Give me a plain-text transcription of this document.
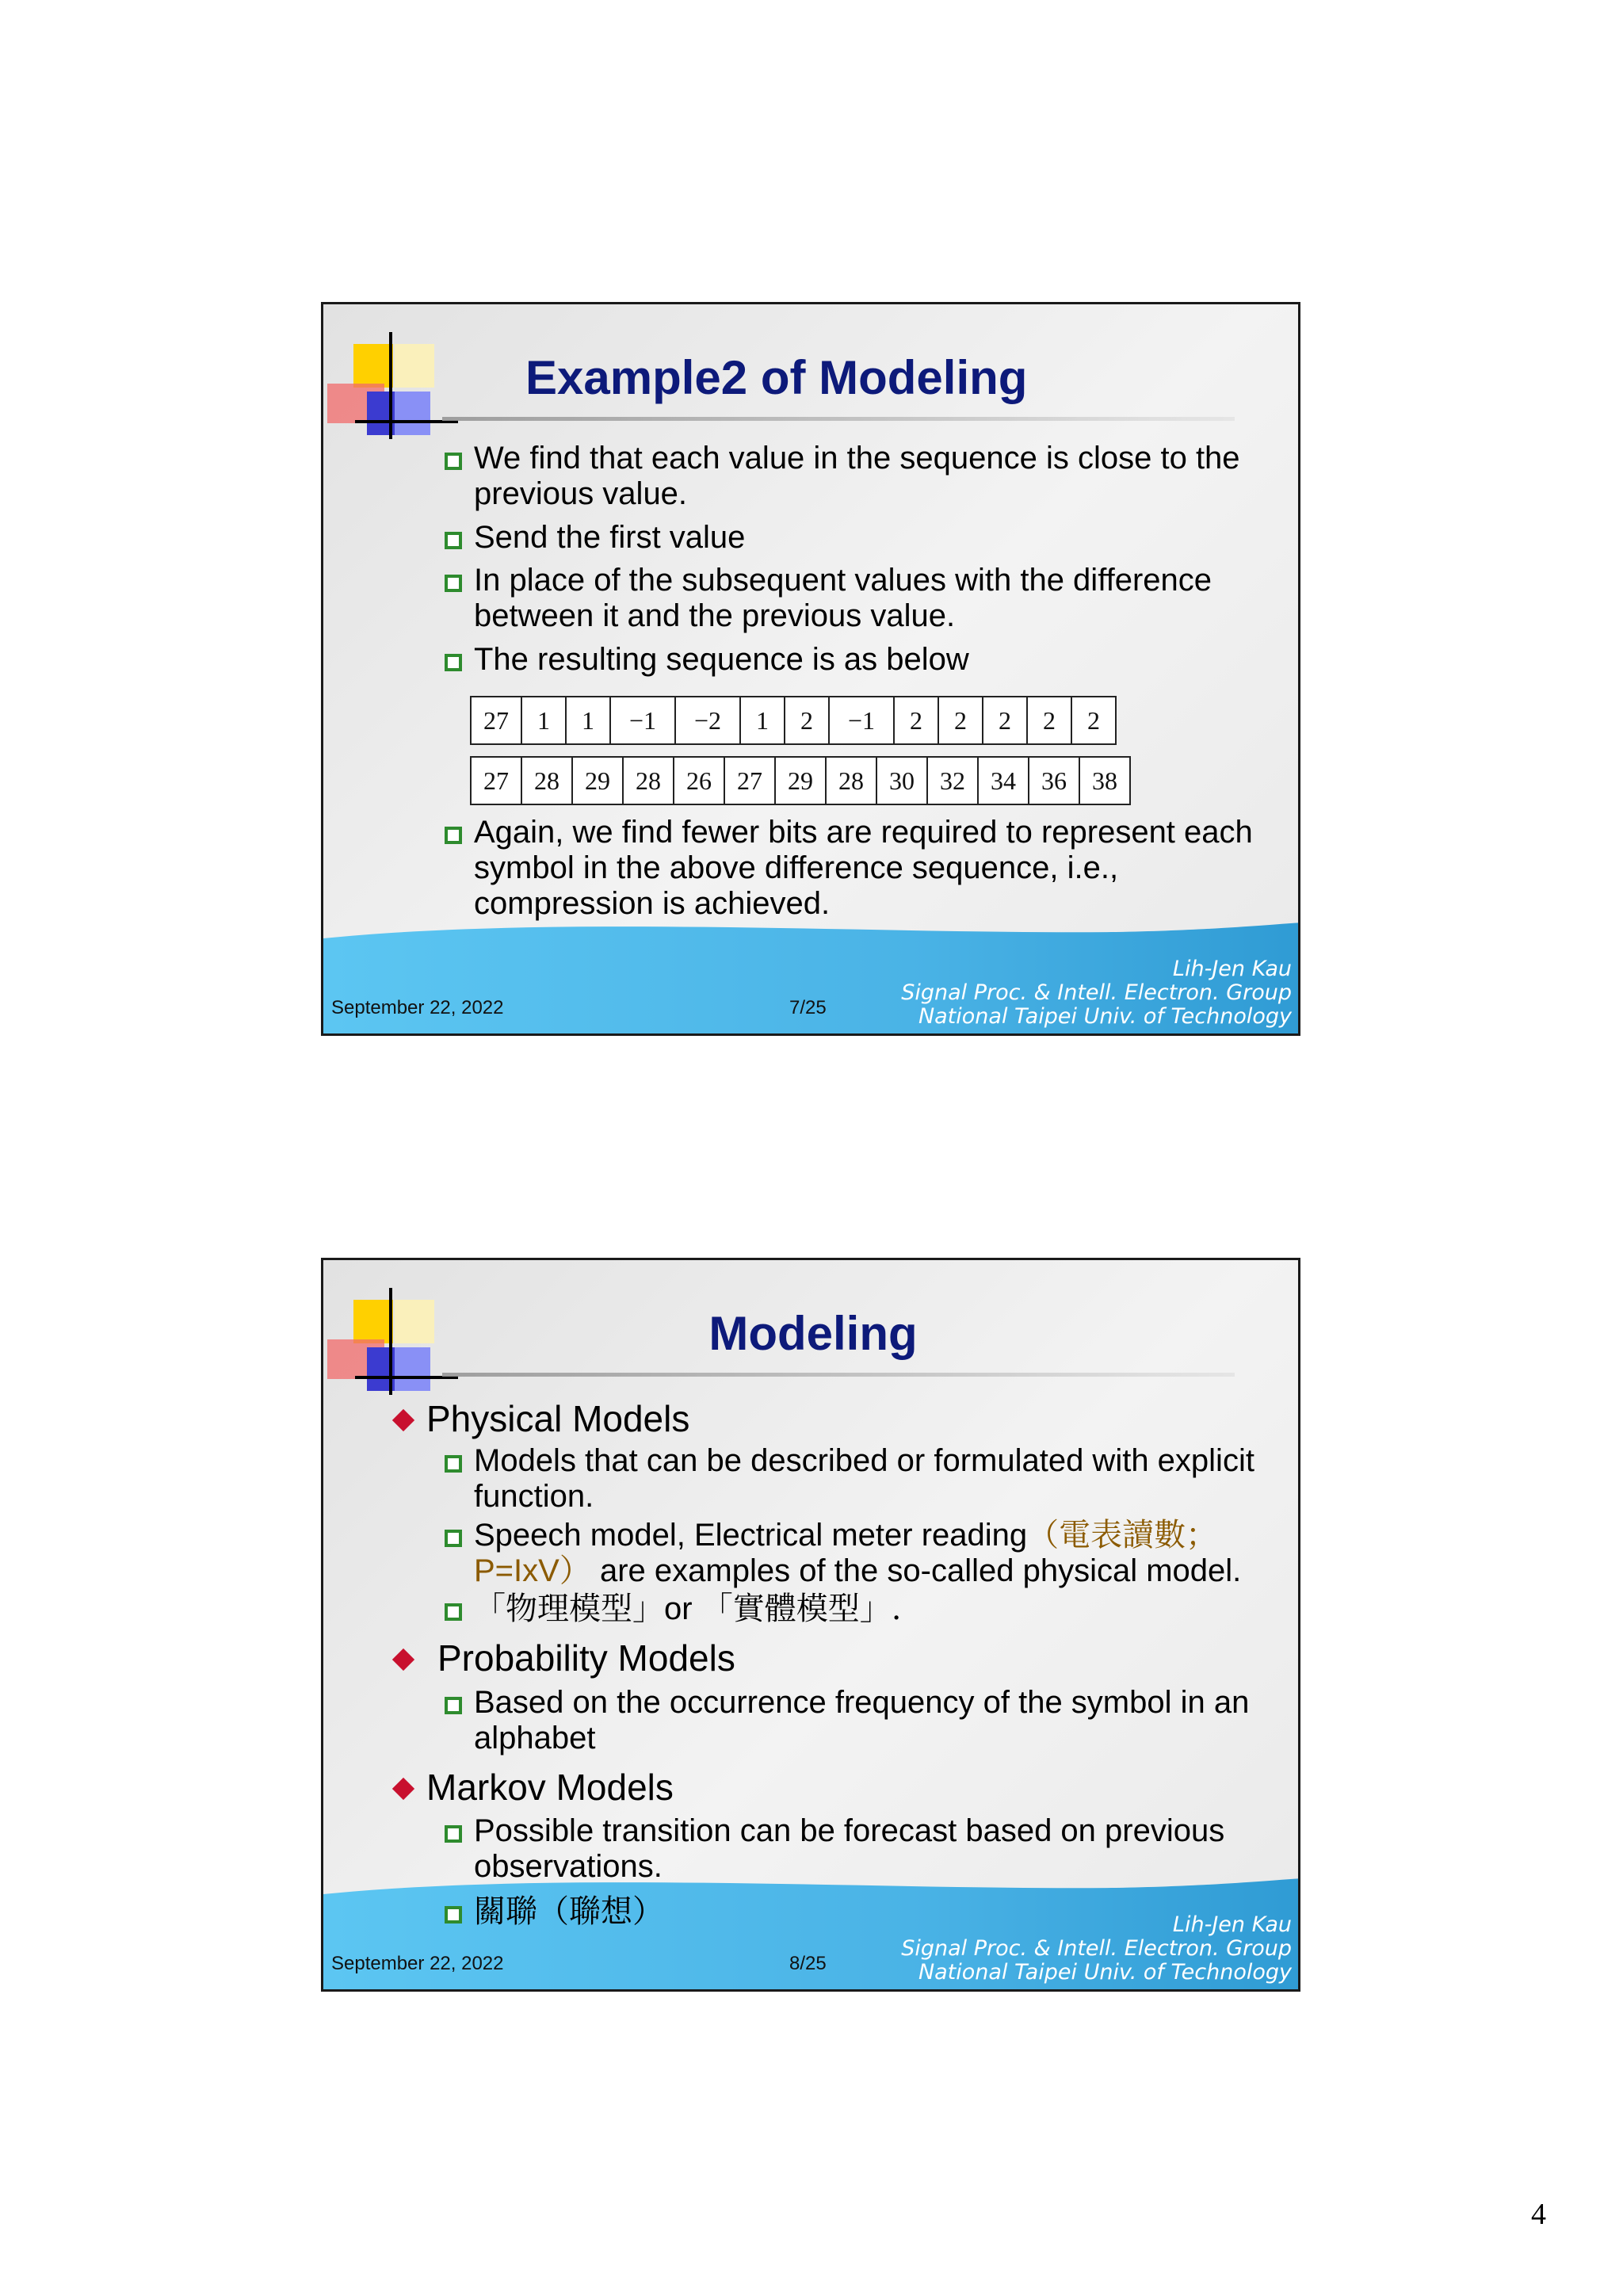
Example2 of Modeling
We find that each value in the sequence is close to the previous value.
Send the first value
In place of the subsequent values with the difference between it and the previous value.
The resulting sequence is as below
27	1	1	−1	−2	1	2	−1	2	2	2	2	2
27	28	29	28	26	27	29	28	30	32	34	36	38
Again, we find fewer bits are required to represent each symbol in the above difference sequence, i.e., compression is achieved.
September 22, 2022	7/25
Lih-Jen Kau
Signal Proc. & Intell. Electron. Group
National Taipei Univ. of Technology
Modeling
Physical Models
Models that can be described or formulated with explicit function.
Speech model, Electrical meter reading（電表讀數；
P=IxV） are examples of the so-called physical model.
「物理模型」or 「實體模型」.
Probability Models
Based on the occurrence frequency of the symbol in an alphabet
Markov Models
Possible transition can be forecast based on previous observations.
關聯（聯想）
September 22, 2022	8/25
Lih-Jen Kau
Signal Proc. & Intell. Electron. Group
National Taipei Univ. of Technology
4
